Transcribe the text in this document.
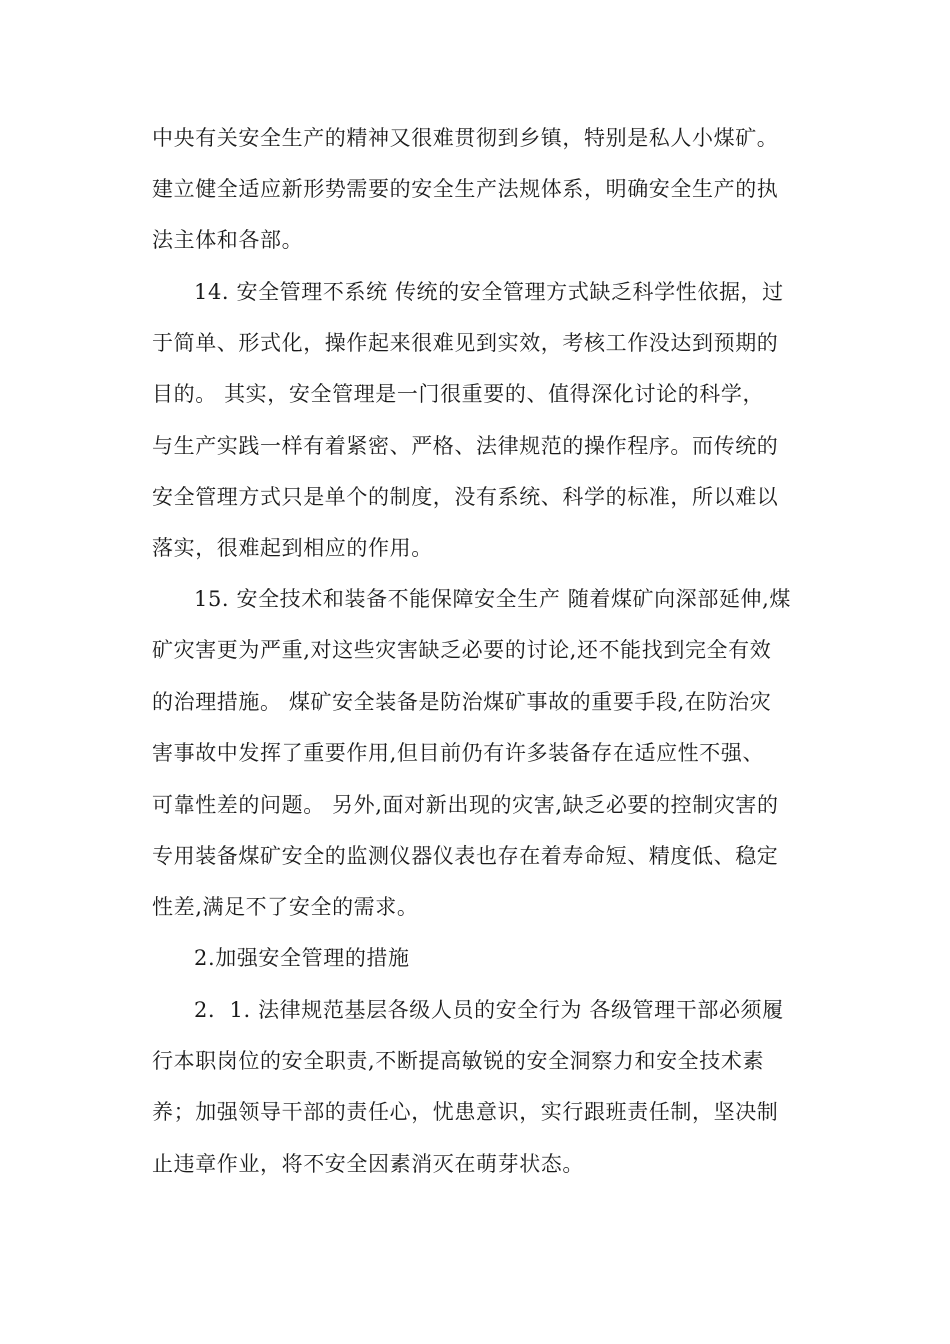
中央有关安全生产的精神又很难贯彻到乡镇，特别是私人小煤矿。
建立健全适应新形势需要的安全生产法规体系，明确安全生产的执
法主体和各部。
14. 安全管理不系统 传统的安全管理方式缺乏科学性依据，过
于简单、形式化，操作起来很难见到实效，考核工作没达到预期的
目的。 其实，安全管理是一门很重要的、值得深化讨论的科学，
与生产实践一样有着紧密、严格、法律规范的操作程序。而传统的
安全管理方式只是单个的制度，没有系统、科学的标准，所以难以
落实，很难起到相应的作用。
15. 安全技术和装备不能保障安全生产 随着煤矿向深部延伸,煤
矿灾害更为严重,对这些灾害缺乏必要的讨论,还不能找到完全有效
的治理措施。 煤矿安全装备是防治煤矿事故的重要手段,在防治灾
害事故中发挥了重要作用,但目前仍有许多装备存在适应性不强、
可靠性差的问题。 另外,面对新出现的灾害,缺乏必要的控制灾害的
专用装备煤矿安全的监测仪器仪表也存在着寿命短、精度低、稳定
性差,满足不了安全的需求。
2.加强安全管理的措施
2．1. 法律规范基层各级人员的安全行为 各级管理干部必须履
行本职岗位的安全职责,不断提高敏锐的安全洞察力和安全技术素
养；加强领导干部的责任心，忧患意识，实行跟班责任制，坚决制
止违章作业，将不安全因素消灭在萌芽状态。
